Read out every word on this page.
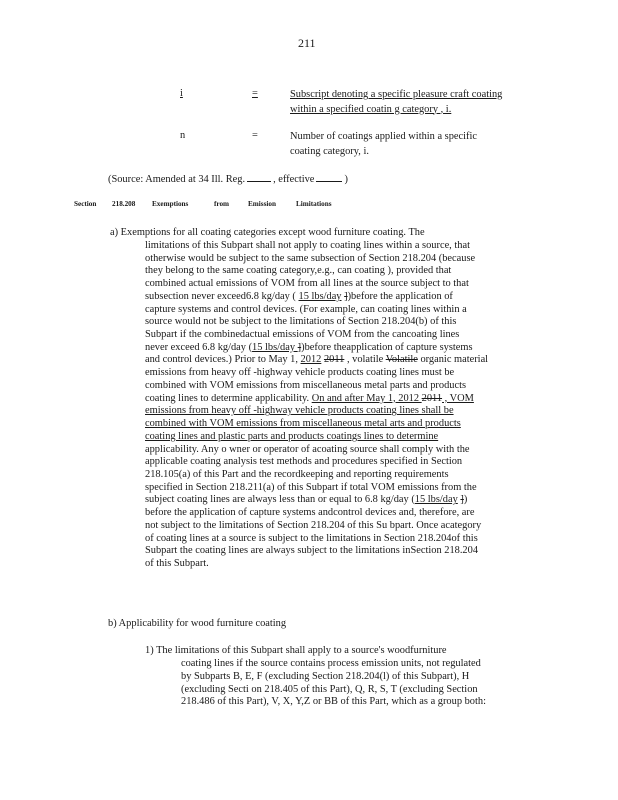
211
i	=	Subscript denoting a specific pleasure craft coating
within a specified coatin g category , i.
n	=	Number of coatings applied within a specific
coating category, i.
(Source: Amended at 34 Ill. Reg.	, effective	)
Section 218.208 Exemptions	from	Emission	Limitations
a) Exemptions for all coating categories except wood furniture coating. The
limitations of this Subpart shall not apply to coating lines within a source, that
otherwise would be subject to the same subsection of Section 218.204 (because
they belong to the same coating category,e.g., can coating ), provided that
combined actual emissions of VOM from all lines at the source subject to that
subsection never exceed6.8 kg/day ( 15 lbs/day ])before the application of
capture systems and control devices. (For example, can coating lines within a
source would not be subject to the limitations of Section 218.204(b) of this
Subpart if the combinedactual emissions of VOM from the cancoating lines
never exceed 6.8 kg/day (15 lbs/day ])before theapplication of capture systems
and control devices.) Prior to May 1, 2012 2011 , volatile Volatile organic material
emissions from heavy off -highway vehicle products coating lines must be
combined with VOM emissions from miscellaneous metal parts and products
coating lines to determine applicability. On and after May 1, 2012 2011 , VOM
emissions from heavy off -highway vehicle products coating lines shall be
combined with VOM emissions from miscellaneous metal arts and products
coating lines and plastic parts and products coatings lines to determine
applicability. Any o wner or operator of acoating source shall comply with the
applicable coating analysis test methods and procedures specified in Section
218.105(a) of this Part and the recordkeeping and reporting requirements
specified in Section 218.211(a) of this Subpart if total VOM emissions from the
subject coating lines are always less than or equal to 6.8 kg/day (15 lbs/day ])
before the application of capture systems andcontrol devices and, therefore, are
not subject to the limitations of Section 218.204 of this Su bpart. Once acategory
of coating lines at a source is subject to the limitations in Section 218.204of this
Subpart the coating lines are always subject to the limitations inSection 218.204
of this Subpart.
b) Applicability for wood furniture coating
1) The limitations of this Subpart shall apply to a source's woodfurniture
coating lines if the source contains process emission units, not regulated
by Subparts B, E, F (excluding Section 218.204(l) of this Subpart), H
(excluding Secti on 218.405 of this Part), Q, R, S, T (excluding Section
218.486 of this Part), V, X, Y,Z or BB of this Part, which as a group both:
